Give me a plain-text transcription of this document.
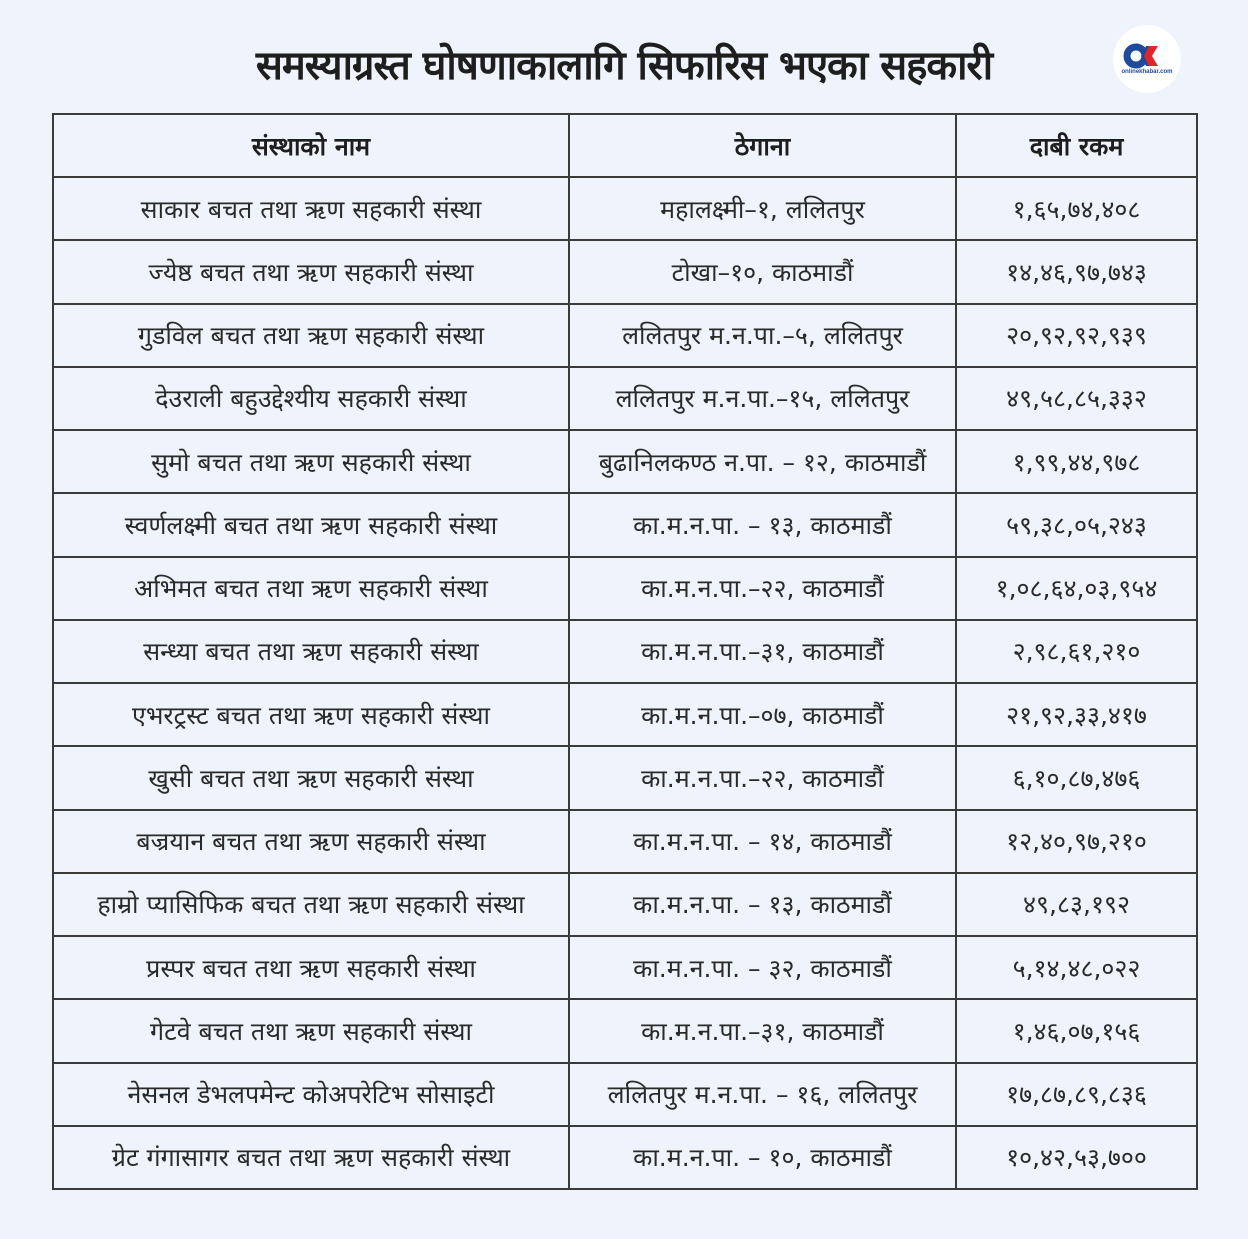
समस्याग्रस्त घोषणाकालागि सिफारिस भएका सहकारी	onlinekhabar.com
संस्थाको नाम	ठेगाना	दाबी रकम
साकार बचत तथा ऋण सहकारी संस्था	महालक्ष्मी–१, ललितपुर	१,६५,७४,४०८
ज्येष्ठ बचत तथा ऋण सहकारी संस्था	टोखा–१०, काठमाडौं	१४,४६,९७,७४३
गुडविल बचत तथा ऋण सहकारी संस्था	ललितपुर म.न.पा.–५, ललितपुर	२०,९२,९२,९३९
देउराली बहुउद्देश्यीय सहकारी संस्था	ललितपुर म.न.पा.–१५, ललितपुर	४९,५८,८५,३३२
सुमो बचत तथा ऋण सहकारी संस्था	बुढानिलकण्ठ न.पा. – १२, काठमाडौं	१,९९,४४,९७८
स्वर्णलक्ष्मी बचत तथा ऋण सहकारी संस्था	का.म.न.पा. – १३, काठमाडौं	५९,३८,०५,२४३
अभिमत बचत तथा ऋण सहकारी संस्था	का.म.न.पा.–२२, काठमाडौं	१,०८,६४,०३,९५४
सन्ध्या बचत तथा ऋण सहकारी संस्था	का.म.न.पा.–३१, काठमाडौं	२,९८,६१,२१०
एभरट्रस्ट बचत तथा ऋण सहकारी संस्था	का.म.न.पा.–०७, काठमाडौं	२१,९२,३३,४१७
खुसी बचत तथा ऋण सहकारी संस्था	का.म.न.पा.–२२, काठमाडौं	६,१०,८७,४७६
बज्रयान बचत तथा ऋण सहकारी संस्था	का.म.न.पा. – १४, काठमाडौं	१२,४०,९७,२१०
हाम्रो प्यासिफिक बचत तथा ऋण सहकारी संस्था	का.म.न.पा. – १३, काठमाडौं	४९,८३,१९२
प्रस्पर बचत तथा ऋण सहकारी संस्था	का.म.न.पा. – ३२, काठमाडौं	५,१४,४८,०२२
गेटवे बचत तथा ऋण सहकारी संस्था	का.म.न.पा.–३१, काठमाडौं	१,४६,०७,१५६
नेसनल डेभलपमेन्ट कोअपरेटिभ सोसाइटी	ललितपुर म.न.पा. – १६, ललितपुर	१७,८७,८९,८३६
ग्रेट गंगासागर बचत तथा ऋण सहकारी संस्था	का.म.न.पा. – १०, काठमाडौं	१०,४२,५३,७००
